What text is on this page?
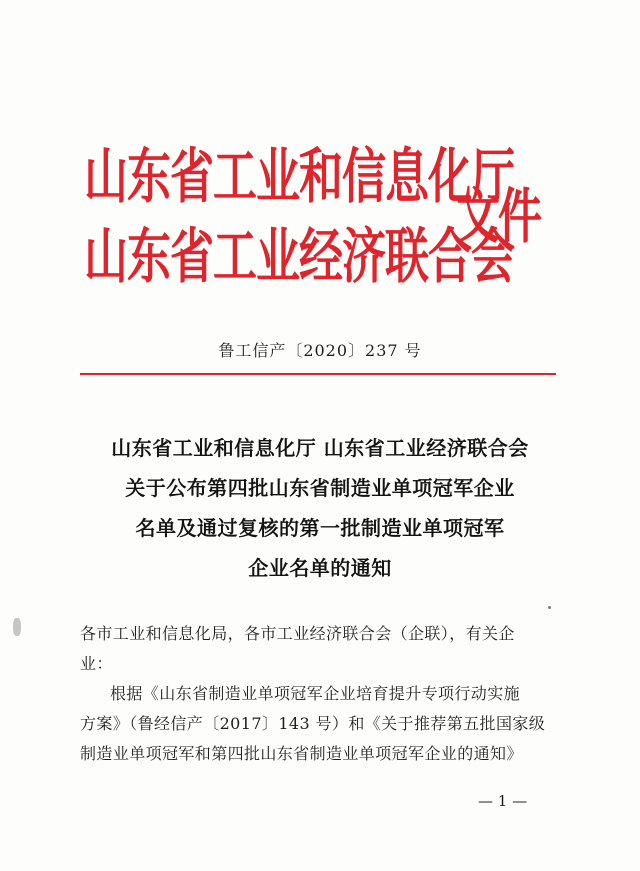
山东省工业和信息化厅
山东省工业经济联合会
文件
鲁工信产〔2020〕237 号
山东省工业和信息化厅 山东省工业经济联合会
关于公布第四批山东省制造业单项冠军企业
名单及通过复核的第一批制造业单项冠军
企业名单的通知
各市工业和信息化局，各市工业经济联合会（企联），有关企
业：
根据《山东省制造业单项冠军企业培育提升专项行动实施
方案》（鲁经信产〔2017〕143 号）和《关于推荐第五批国家级
制造业单项冠军和第四批山东省制造业单项冠军企业的通知》
— 1 —
